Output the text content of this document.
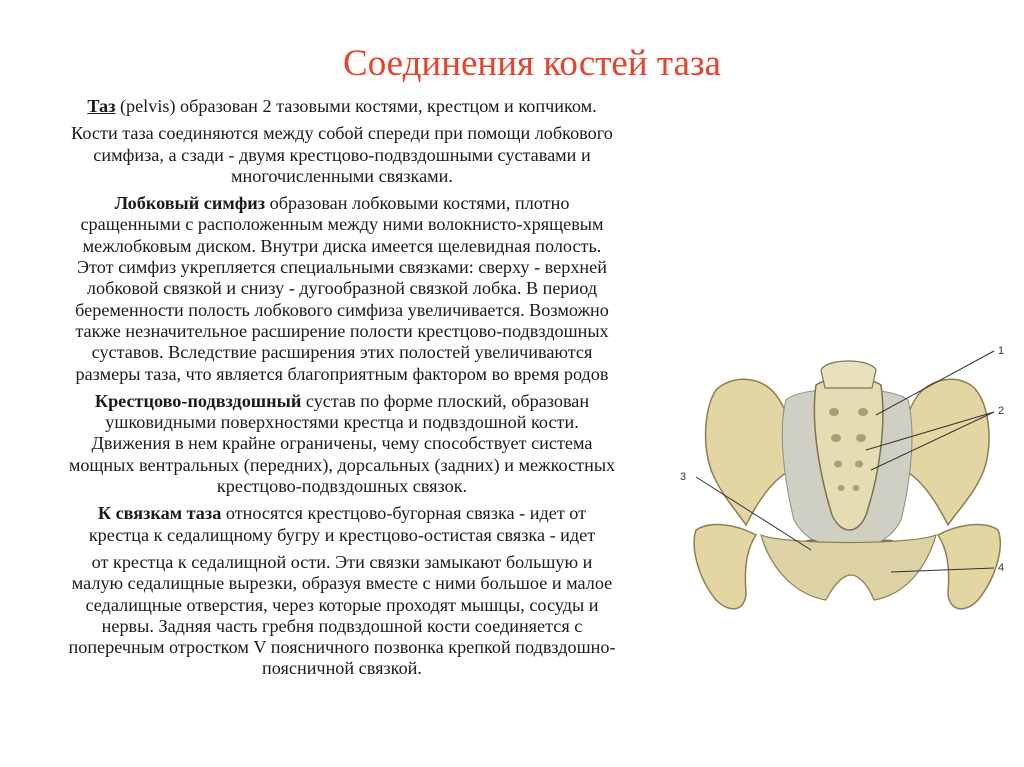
Соединения костей таза

Таз (pelvis) образован 2 тазовыми костями, крестцом и копчиком.

Кости таза соединяются между собой спереди при помощи лобкового
симфиза, а сзади - двумя крестцово-подвздошными суставами и
многочисленными связками.

Лобковый симфиз образован лобковыми костями, плотно
сращенными с расположенным между ними волокнисто-хрящевым
межлобковым диском. Внутри диска имеется щелевидная полость.
Этот симфиз укрепляется специальными связками: сверху - верхней
лобковой связкой и снизу - дугообразной связкой лобка. В период
беременности полость лобкового симфиза увеличивается. Возможно
также незначительное расширение полости крестцово-подвздошных
суставов. Вследствие расширения этих полостей увеличиваются
размеры таза, что является благоприятным фактором во время родов

Крестцово-подвздошный сустав по форме плоский, образован
ушковидными поверхностями крестца и подвздошной кости.
Движения в нем крайне ограничены, чему способствует система
мощных вентральных (передних), дорсальных (задних) и межкостных
крестцово-подвздошных связок.

К связкам таза относятся крестцово-бугорная связка - идет от
крестца к седалищному бугру и крестцово-остистая связка - идет

от крестца к седалищной ости. Эти связки замыкают большую и
малую седалищные вырезки, образуя вместе с ними большое и малое
седалищные отверстия, через которые проходят мышцы, сосуды и
нервы. Задняя часть гребня подвздошной кости соединяется с
поперечным отростком V поясничного позвонка крепкой подвздошно-
поясничной связкой.

1
2
3
4
